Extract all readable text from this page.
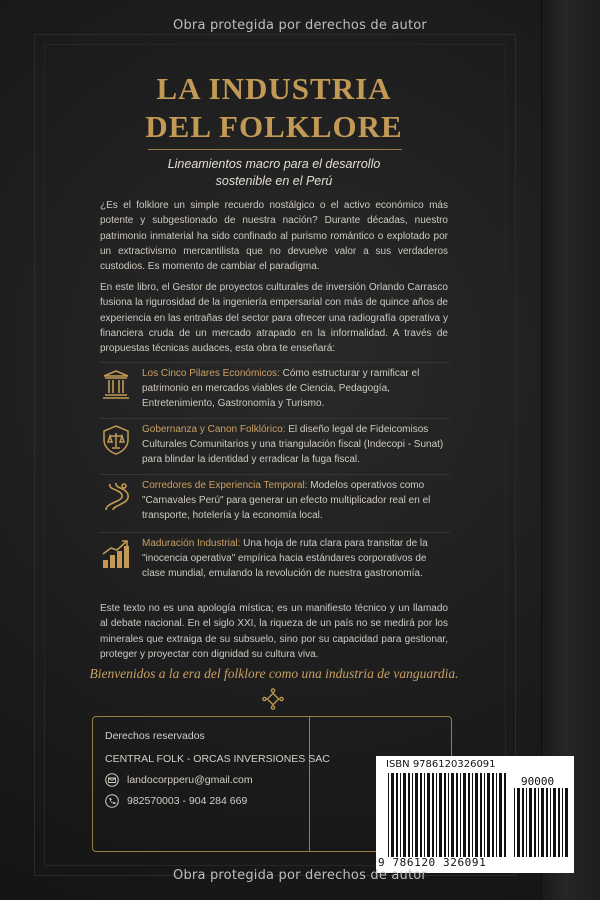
Obra protegida por derechos de autor
LA INDUSTRIA
DEL FOLKLORE
Lineamientos macro para el desarrollo
sostenible en el Perú
¿Es el folklore un simple recuerdo nostálgico o el activo económico más potente y subgestionado de nuestra nación? Durante décadas, nuestro patrimonio inmaterial ha sido confinado al purismo romántico o explotado por un extractivismo mercantilista que no devuelve valor a sus verdaderos custodios. Es momento de cambiar el paradigma.
En este libro, el Gestor de proyectos culturales de inversión Orlando Carrasco fusiona la rigurosidad de la ingeniería empersarial con más de quince años de experiencia en las entrañas del sector para ofrecer una radiografía operativa y financiera cruda de un mercado atrapado en la informalidad. A través de propuestas técnicas audaces, esta obra te enseñará:
Los Cinco Pilares Económicos: Cómo estructurar y ramificar el patrimonio en mercados viables de Ciencia, Pedagogía, Entretenimiento, Gastronomía y Turismo.
Gobernanza y Canon Folklórico: El diseño legal de Fideicomisos Culturales Comunitarios y una triangulación fiscal (Indecopi - Sunat) para blindar la identidad y erradicar la fuga fiscal.
Corredores de Experiencia Temporal: Modelos operativos como "Carnavales Perú" para generar un efecto multiplicador real en el transporte, hotelería y la economía local.
Maduración Industrial: Una hoja de ruta clara para transitar de la "inocencia operativa" empírica hacia estándares corporativos de clase mundial, emulando la revolución de nuestra gastronomía.
Este texto no es una apología mística; es un manifiesto técnico y un llamado al debate nacional. En el siglo XXI, la riqueza de un país no se medirá por los minerales que extraiga de su subsuelo, sino por su capacidad para gestionar, proteger y proyectar con dignidad su cultura viva.
Bienvenidos a la era del folklore como una industria de vanguardia.
Derechos reservados
CENTRAL FOLK - ORCAS INVERSIONES SAC
landocorpperu@gmail.com
982570003 - 904 284 669
ISBN 9786120326091
90000
9 786120 326091
Obra protegida por derechos de autor
